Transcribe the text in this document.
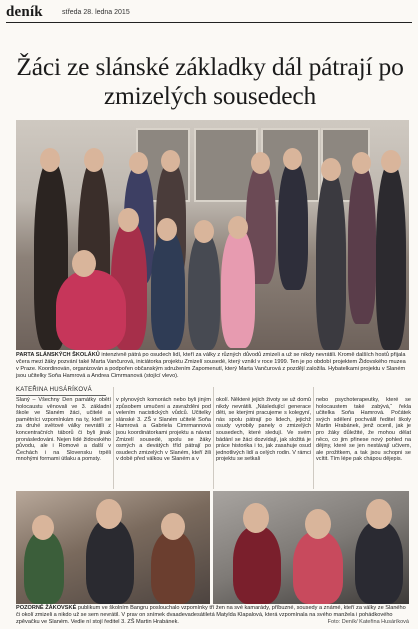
deník	středa 28. ledna 2015
Žáci ze slánské základky dál pátrají po zmizelých sousedech
PARTA SLÁNSKÝCH ŠKOLÁKŮ intenzivně pátrá po osudech lidí, kteří za války z různých důvodů zmizeli a už se nikdy nevrátili. Kromě dalších hostů přijala včera mezi žáky pozvání také Marta Vančurová, iniciátorka projektu Zmizelí sousedé, který vznikl v roce 1999. Ten je po období projektem Židovského muzea v Praze. Koordinován, organizován a podpořen občanským sdružením Zapomenutí, který Marta Vančurová z pozdějí založila. Hybatelkami projektu v Slaném jsou učitelky Soňa Hamrová a Andrea Cimrmanová (stojící vlevo).
KATEŘINA HUSÁRÍKOVÁ
Slaný – Všechny Den památky obětí holocaustu věnovali ve 3. základní škole ve Slaném žáci, učitelé a pamětníci vzpomínkám na ty, kteří se za druhé světové války nevrátili z koncentračních táborů či byli jinak pronásledováni. Nejen lidé židovského původu, ale i Romové a další v Čechách i na Slovensku trpěli mnohými formami útlaku a pomsty.
v plynových komorách nebo byli jiným způsobem umučeni a zavražděni pod velením nacistických vůdců. Učitelky slánské 3. ZŠ v Slaném učitelé Soňa Hamrová a Gabriela Cimrmannová jsou koordinátorkami projektu a návrat Zmizelí sousedé, spolu se žáky osmých a devátých tříd pátrají po osudech zmizelých v Slaném, kteří žili v době před válkou ve Slaném a v
okolí. Některé jejich životy se už domů nikdy nevrátili. „Následující generace děti, se kterými pracujeme s kolegyní, nás spolu pátrají po lidech, jejichž osudy vyrobily panely o zmizelých sousedech, které sledují. Ve svém bádání se žáci dozvídají, jak složitá je práce historika i to, jak zasahuje osud jednotlivých lidí a celých rodin. V rámci projektu se setkali
nebo psychoterapeutky, které se holocaustem také zabývá,“ řekla učitelka Soňa Hamrová. Počátek svých sdělení pochválil ředitel školy Martin Hrabánek, jenž ocenil, jak je pro žáky důležité, že mohou dělat něco, co jim přinese nový pohled na dějiny, které se jen nestávají učivem, ale prožitkem, a tak jsou schopni se vcítit. Tím lépe pak chápou dějepis.
POZORNĚ ŽÁKOVSKÉ publikum ve školním Bangru poslouchalo vzpomínky tří žen na své kamarády, příbuzné, sousedy a známé, kteří za války ze Slaného či okolí zmizeli a nikdo už se sem nevrátil. V prav on snímek dvaadevadesátiletá Matylda Klapalová, která vzpomínala na svého manžela i pohádkového zpěvačku ve Slaném. Vedle ní stojí ředitel 3. ZŠ Martin Hrabánek.	Foto: Deník/ Kateřina Husáríková
